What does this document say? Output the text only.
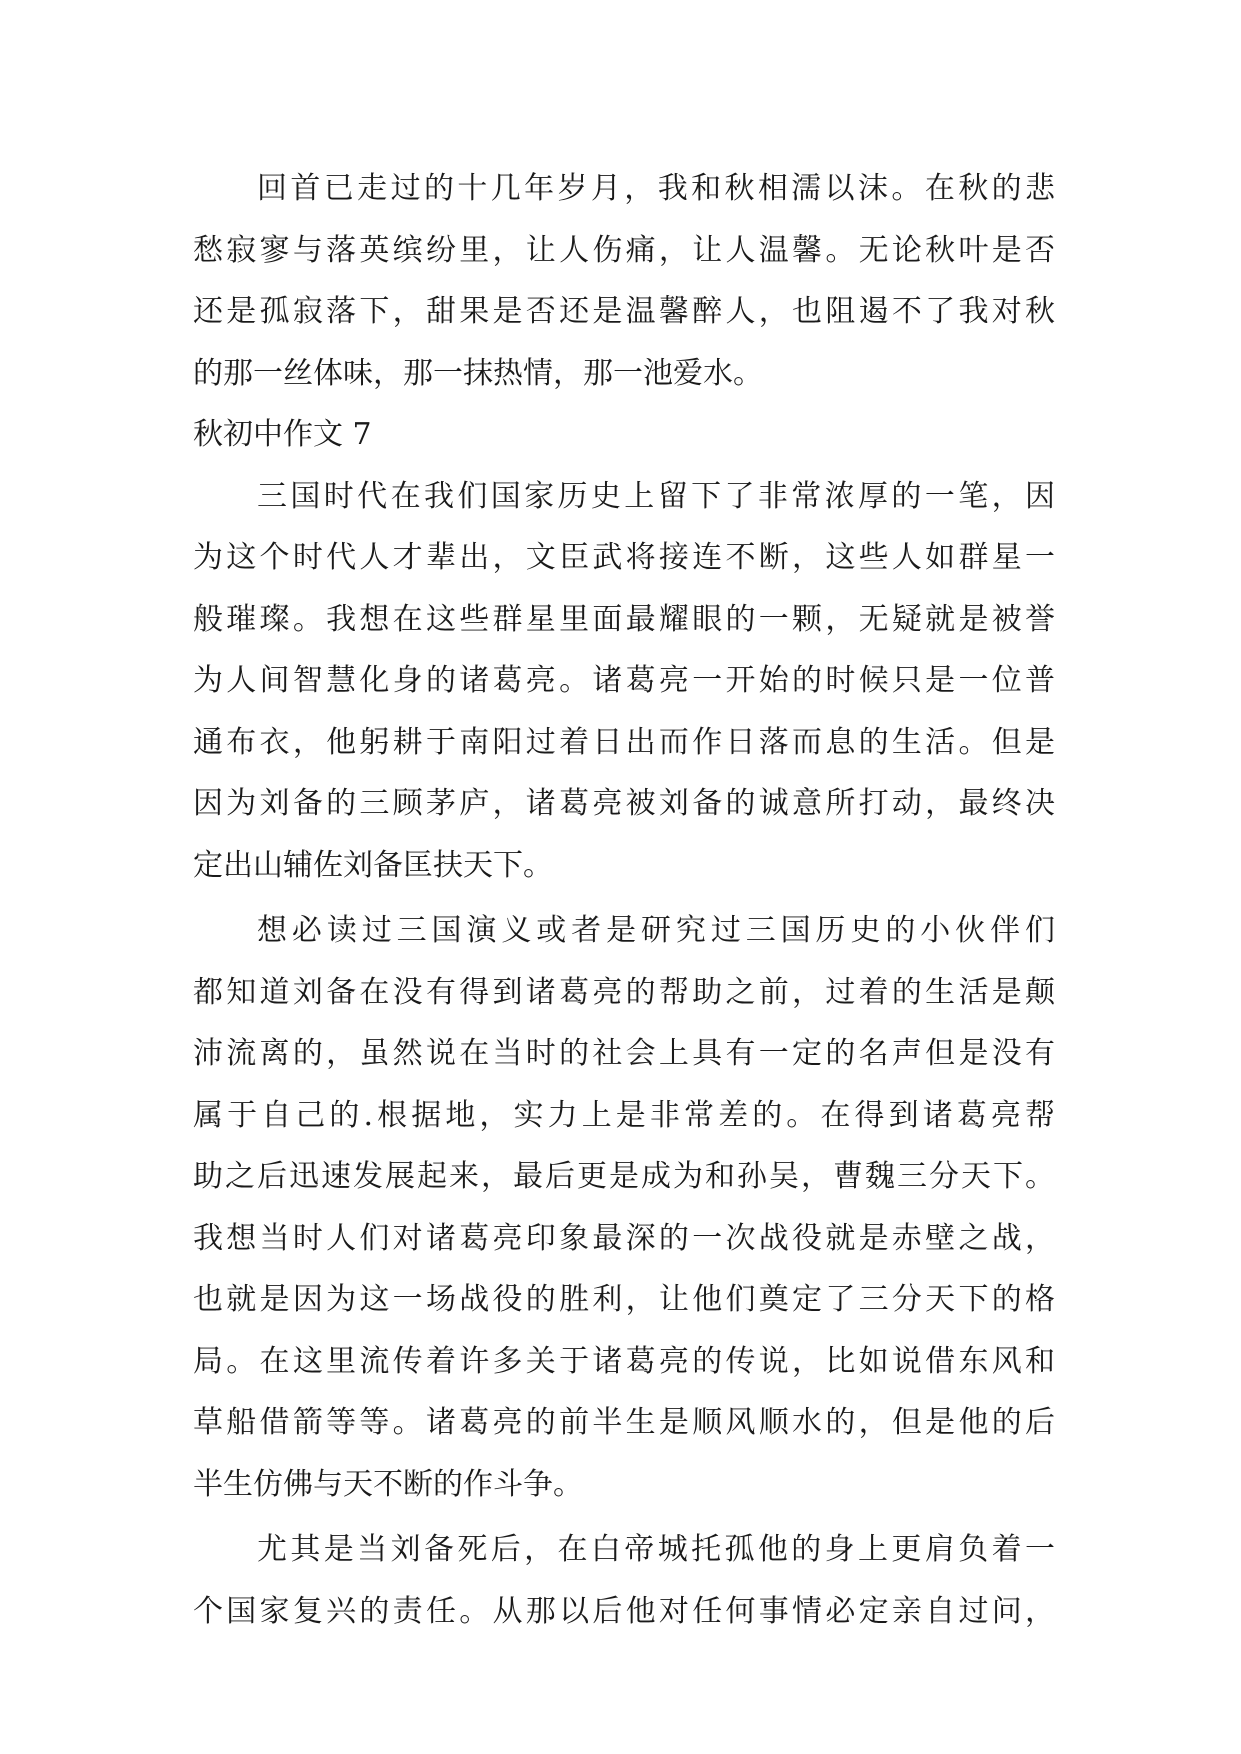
回首已走过的十几年岁月，我和秋相濡以沫。在秋的悲
愁寂寥与落英缤纷里，让人伤痛，让人温馨。无论秋叶是否
还是孤寂落下，甜果是否还是温馨醉人，也阻遏不了我对秋
的那一丝体味，那一抹热情，那一池爱水。
秋初中作文 7
三国时代在我们国家历史上留下了非常浓厚的一笔，因
为这个时代人才辈出，文臣武将接连不断，这些人如群星一
般璀璨。我想在这些群星里面最耀眼的一颗，无疑就是被誉
为人间智慧化身的诸葛亮。诸葛亮一开始的时候只是一位普
通布衣，他躬耕于南阳过着日出而作日落而息的生活。但是
因为刘备的三顾茅庐，诸葛亮被刘备的诚意所打动，最终决
定出山辅佐刘备匡扶天下。
想必读过三国演义或者是研究过三国历史的小伙伴们
都知道刘备在没有得到诸葛亮的帮助之前，过着的生活是颠
沛流离的，虽然说在当时的社会上具有一定的名声但是没有
属于自己的.根据地，实力上是非常差的。在得到诸葛亮帮
助之后迅速发展起来，最后更是成为和孙吴，曹魏三分天下。
我想当时人们对诸葛亮印象最深的一次战役就是赤壁之战，
也就是因为这一场战役的胜利，让他们奠定了三分天下的格
局。在这里流传着许多关于诸葛亮的传说，比如说借东风和
草船借箭等等。诸葛亮的前半生是顺风顺水的，但是他的后
半生仿佛与天不断的作斗争。
尤其是当刘备死后，在白帝城托孤他的身上更肩负着一
个国家复兴的责任。从那以后他对任何事情必定亲自过问，
